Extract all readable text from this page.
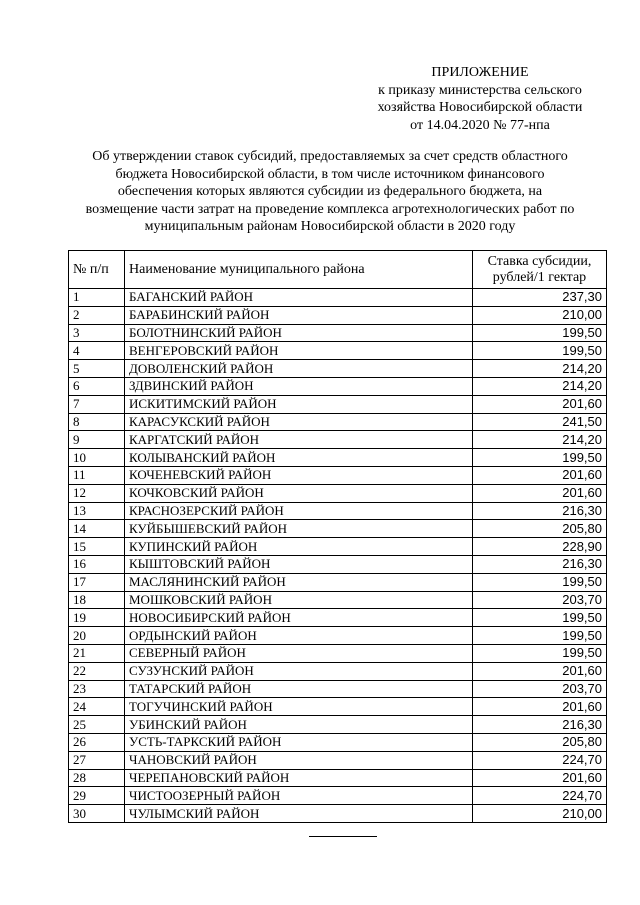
ПРИЛОЖЕНИЕ
к приказу министерства сельского
хозяйства Новосибирской области
от 14.04.2020 № 77-нпа
Об утверждении ставок субсидий, предоставляемых за счет средств областного
бюджета Новосибирской области, в том числе источником финансового
обеспечения которых являются субсидии из федерального бюджета, на
возмещение части затрат на проведение комплекса агротехнологических работ по
муниципальным районам Новосибирской области в 2020 году
№ п/п	Наименование муниципального района	Ставка субсидии,
рублей/1 гектар

1	БАГАНСКИЙ РАЙОН	237,30
2	БАРАБИНСКИЙ РАЙОН	210,00
3	БОЛОТНИНСКИЙ РАЙОН	199,50
4	ВЕНГЕРОВСКИЙ РАЙОН	199,50
5	ДОВОЛЕНСКИЙ РАЙОН	214,20
6	ЗДВИНСКИЙ РАЙОН	214,20
7	ИСКИТИМСКИЙ РАЙОН	201,60
8	КАРАСУКСКИЙ РАЙОН	241,50
9	КАРГАТСКИЙ РАЙОН	214,20
10	КОЛЫВАНСКИЙ РАЙОН	199,50
11	КОЧЕНЕВСКИЙ РАЙОН	201,60
12	КОЧКОВСКИЙ РАЙОН	201,60
13	КРАСНОЗЕРСКИЙ РАЙОН	216,30
14	КУЙБЫШЕВСКИЙ РАЙОН	205,80
15	КУПИНСКИЙ РАЙОН	228,90
16	КЫШТОВСКИЙ РАЙОН	216,30
17	МАСЛЯНИНСКИЙ РАЙОН	199,50
18	МОШКОВСКИЙ РАЙОН	203,70
19	НОВОСИБИРСКИЙ РАЙОН	199,50
20	ОРДЫНСКИЙ РАЙОН	199,50
21	СЕВЕРНЫЙ РАЙОН	199,50
22	СУЗУНСКИЙ РАЙОН	201,60
23	ТАТАРСКИЙ РАЙОН	203,70
24	ТОГУЧИНСКИЙ РАЙОН	201,60
25	УБИНСКИЙ РАЙОН	216,30
26	УСТЬ-ТАРКСКИЙ РАЙОН	205,80
27	ЧАНОВСКИЙ РАЙОН	224,70
28	ЧЕРЕПАНОВСКИЙ РАЙОН	201,60
29	ЧИСТООЗЕРНЫЙ РАЙОН	224,70
30	ЧУЛЫМСКИЙ РАЙОН	210,00
